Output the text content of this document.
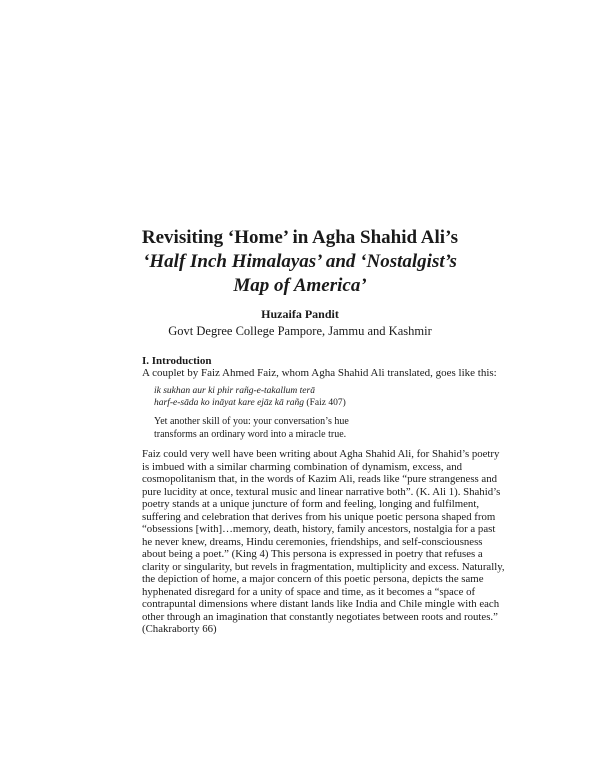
Revisiting ‘Home’ in Agha Shahid Ali’s
‘Half Inch Himalayas’ and ‘Nostalgist’s
Map of America’
Huzaifa Pandit
Govt Degree College Pampore, Jammu and Kashmir
I. Introduction
A couplet by Faiz Ahmed Faiz, whom Agha Shahid Ali translated, goes like this:
ik sukhan aur ki phir rañg-e-takallum terā
harf-e-sāda ko ināyat kare ejāz kā rañg (Faiz 407)
Yet another skill of you: your conversation’s hue
transforms an ordinary word into a miracle true.
Faiz could very well have been writing about Agha Shahid Ali, for Shahid’s poetry
is imbued with a similar charming combination of dynamism, excess, and
cosmopolitanism that, in the words of Kazim Ali, reads like “pure strangeness and
pure lucidity at once, textural music and linear narrative both”. (K. Ali 1). Shahid’s
poetry stands at a unique juncture of form and feeling, longing and fulfilment,
suffering and celebration that derives from his unique poetic persona shaped from
“obsessions [with]…memory, death, history, family ancestors, nostalgia for a past
he never knew, dreams, Hindu ceremonies, friendships, and self-consciousness
about being a poet.” (King 4) This persona is expressed in poetry that refuses a
clarity or singularity, but revels in fragmentation, multiplicity and excess. Naturally,
the depiction of home, a major concern of this poetic persona, depicts the same
hyphenated disregard for a unity of space and time, as it becomes a “space of
contrapuntal dimensions where distant lands like India and Chile mingle with each
other through an imagination that constantly negotiates between roots and routes.”
(Chakraborty 66)
